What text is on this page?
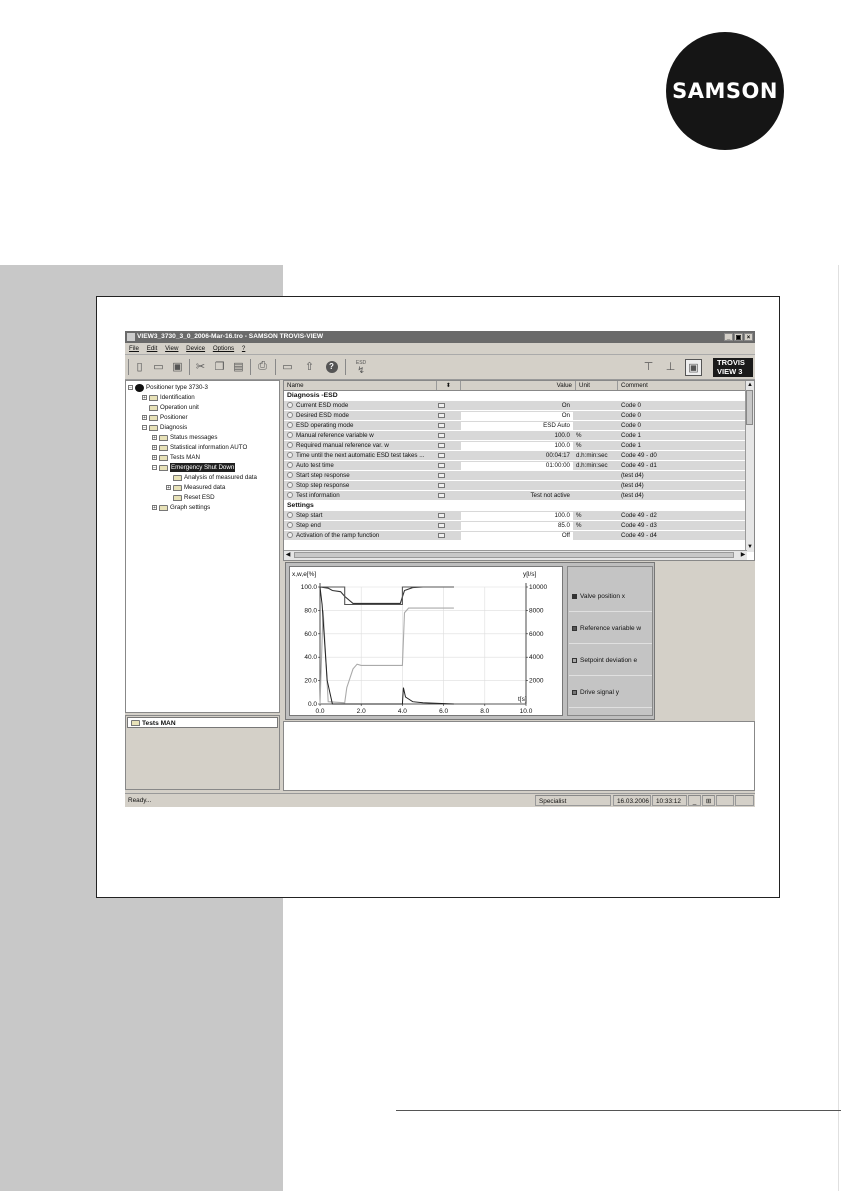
SAMSON
VIEW3_3730_3_0_2006-Mar-16.tro - SAMSON TROVIS-VIEW	_ ▣ ×
File Edit View Device Options ?
▯ ▭ ▣ ✂ ❐ ▤ ⎙ ▭ ⇧	?	ESD
↯	⊤ ⊥ ▣	TROVIS
VIEW 3
− Positioner type 3730-3
+ Identification
Operation unit
+ Positioner
− Diagnosis
+ Status messages
+ Statistical information AUTO
+ Tests MAN
− Emergency Shut Down
Analysis of measured data
+ Measured data
Reset ESD
+ Graph settings
Tests MAN
Name	⬍	Value	Unit	Comment
Diagnosis -ESD
Current ESD mode	On	Code 0
Desired ESD mode	On	Code 0
ESD operating mode	ESD Auto	Code 0
Manual reference variable w	100.0 %	Code 1
Required manual reference var. w	100.0 %	Code 1
Time until the next automatic ESD test takes ...	00:04:17 d.h:min:sec	Code 49 - d0
Auto test time	01:00:00 d.h:min:sec	Code 49 - d1
Start step response	(test d4)
Stop step response	(test d4)
Test information	Test not active	(test d4)
Settings
Step start	100.0 %	Code 49 - d2
Step end	85.0 %	Code 49 - d3
Activation of the ramp function	Off	Code 49 - d4
▲
▼
◀	▶
0.0	2.0	4.0	6.0	8.0	10.0
0.0
20.0
40.0
60.0
80.0
100.0
2000
4000
6000
8000
10000
x,w,e[%]	y[l/s]
t[s]
Valve position x
Reference variable w
Setpoint deviation e
Drive signal y
Ready...	Specialist	16.03.2006	10:33:12	_	⊞
